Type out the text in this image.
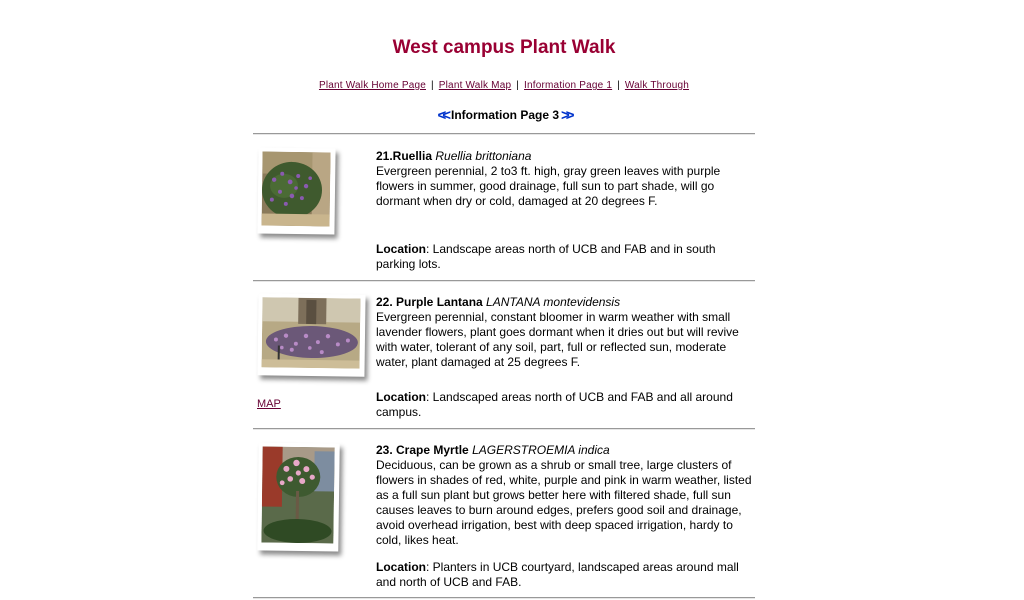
West campus Plant Walk
Plant Walk Home Page | Plant Walk Map | Information Page 1 | Walk Through
<< Information Page 3 >>
21.Ruellia Ruellia brittoniana
Evergreen perennial, 2 to3 ft. high, gray green leaves with purple flowers in summer, good drainage, full sun to part shade, will go dormant when dry or cold, damaged at 20 degrees F.
Location: Landscape areas north of UCB and FAB and in south parking lots.
22. Purple Lantana LANTANA montevidensis
Evergreen perennial, constant bloomer in warm weather with small lavender flowers, plant goes dormant when it dries out but will revive with water, tolerant of any soil, part, full or reflected sun, moderate water, plant damaged at 25 degrees F.
MAP	Location: Landscaped areas north of UCB and FAB and all around campus.
23. Crape Myrtle LAGERSTROEMIA indica
Deciduous, can be grown as a shrub or small tree, large clusters of flowers in shades of red, white, purple and pink in warm weather, listed as a full sun plant but grows better here with filtered shade, full sun causes leaves to burn around edges, prefers good soil and drainage, avoid overhead irrigation, best with deep spaced irrigation, hardy to cold, likes heat.
Location: Planters in UCB courtyard, landscaped areas around mall and north of UCB and FAB.
